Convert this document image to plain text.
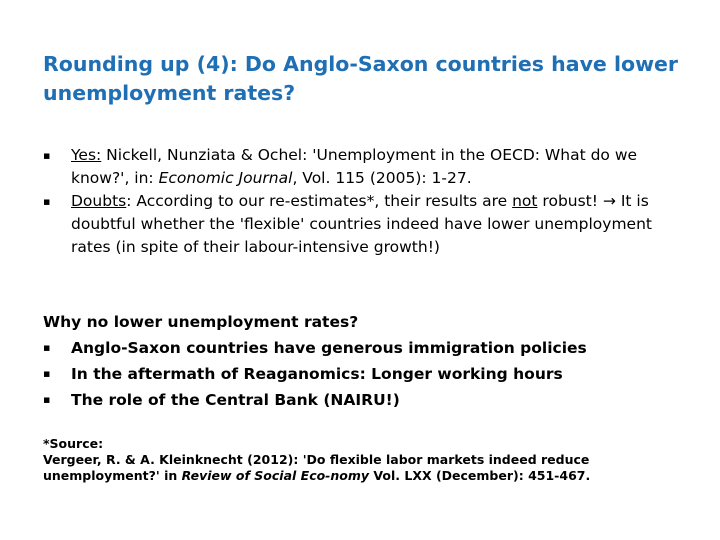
Rounding up (4): Do Anglo-Saxon countries have lower unemployment rates?
▪	Yes: Nickell, Nunziata & Ochel: 'Unemployment in the OECD: What do we know?', in: Economic Journal, Vol. 115 (2005): 1-27.
▪	Doubts: According to our re-estimates*, their results are not robust! → It is doubtful whether the 'flexible' countries indeed have lower unemployment rates (in spite of their labour-intensive growth!)
Why no lower unemployment rates?
▪	Anglo-Saxon countries have generous immigration policies
▪	In the aftermath of Reaganomics: Longer working hours
▪	The role of the Central Bank (NAIRU!)
*Source:
Vergeer, R. & A. Kleinknecht (2012): 'Do flexible labor markets indeed reduce unemployment?' in Review of Social Eco-nomy Vol. LXX (December): 451-467.
